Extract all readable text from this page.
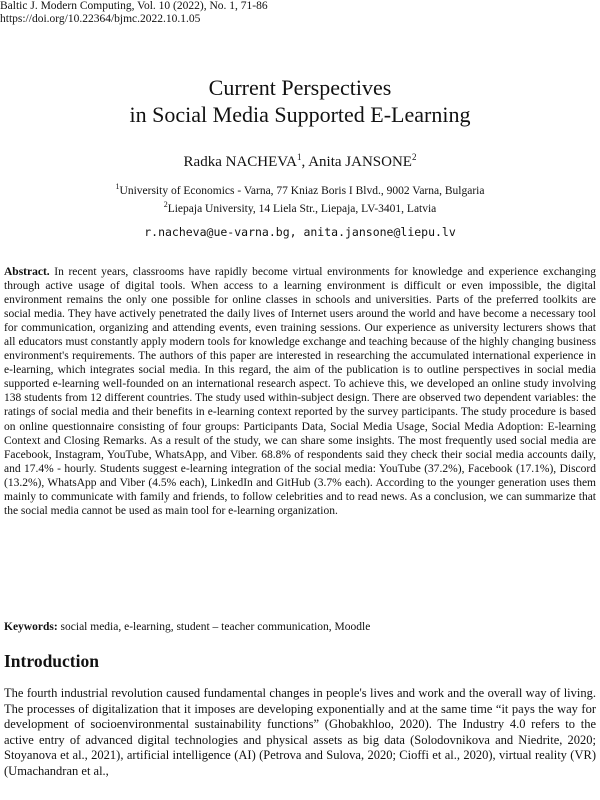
Baltic J. Modern Computing, Vol. 10 (2022), No. 1, 71-86
https://doi.org/10.22364/bjmc.2022.10.1.05
Current Perspectives
in Social Media Supported E-Learning
Radka NACHEVA$^1$, Anita JANSONE$^2$
$^1$University of Economics - Varna, 77 Kniaz Boris I Blvd., 9002 Varna, Bulgaria
$^2$Liepaja University, 14 Liela Str., Liepaja, LV-3401, Latvia
r.nacheva@ue-varna.bg, anita.jansone@liepu.lv
Abstract. In recent years, classrooms have rapidly become virtual environments for knowledge and experience exchanging through active usage of digital tools. When access to a learning environment is difficult or even impossible, the digital environment remains the only one possible for online classes in schools and universities. Parts of the preferred toolkits are social media. They have actively penetrated the daily lives of Internet users around the world and have become a necessary tool for communication, organizing and attending events, even training sessions. Our experience as university lecturers shows that all educators must constantly apply modern tools for knowledge exchange and teaching because of the highly changing business environment's requirements. The authors of this paper are interested in researching the accumulated international experience in e-learning, which integrates social media. In this regard, the aim of the publication is to outline perspectives in social media supported e-learning well-founded on an international research aspect. To achieve this, we developed an online study involving 138 students from 12 different countries. The study used within-subject design. There are observed two dependent variables: the ratings of social media and their benefits in e-learning context reported by the survey participants. The study procedure is based on online questionnaire consisting of four groups: Participants Data, Social Media Usage, Social Media Adoption: E-learning Context and Closing Remarks. As a result of the study, we can share some insights. The most frequently used social media are Facebook, Instagram, YouTube, WhatsApp, and Viber. 68.8% of respondents said they check their social media accounts daily, and 17.4% - hourly. Students suggest e-learning integration of the social media: YouTube (37.2%), Facebook (17.1%), Discord (13.2%), WhatsApp and Viber (4.5% each), LinkedIn and GitHub (3.7% each). According to the younger generation uses them mainly to communicate with family and friends, to follow celebrities and to read news. As a conclusion, we can summarize that the social media cannot be used as main tool for e-learning organization.
Keywords: social media, e-learning, student – teacher communication, Moodle
Introduction
The fourth industrial revolution caused fundamental changes in people's lives and work and the overall way of living. The processes of digitalization that it imposes are developing exponentially and at the same time “it pays the way for development of socioenvironmental sustainability functions” (Ghobakhloo, 2020). The Industry 4.0 refers to the active entry of advanced digital technologies and physical assets as big data (Solodovnikova and Niedrite, 2020; Stoyanova et al., 2021), artificial intelligence (AI) (Petrova and Sulova, 2020; Cioffi et al., 2020), virtual reality (VR) (Umachandran et al.,
